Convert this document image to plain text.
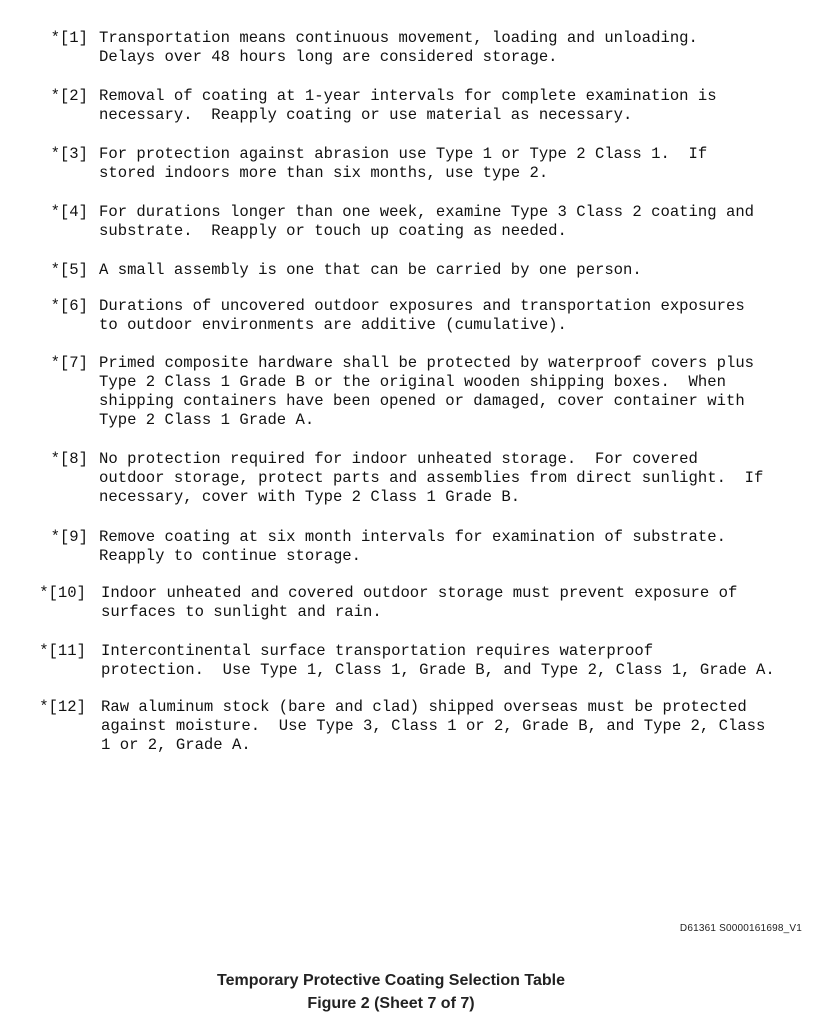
*[1] Transportation means continuous movement, loading and unloading.
Delays over 48 hours long are considered storage.
*[2] Removal of coating at 1-year intervals for complete examination is
necessary.  Reapply coating or use material as necessary.
*[3] For protection against abrasion use Type 1 or Type 2 Class 1.  If
stored indoors more than six months, use type 2.
*[4] For durations longer than one week, examine Type 3 Class 2 coating and
substrate.  Reapply or touch up coating as needed.
*[5] A small assembly is one that can be carried by one person.
*[6] Durations of uncovered outdoor exposures and transportation exposures
to outdoor environments are additive (cumulative).
*[7] Primed composite hardware shall be protected by waterproof covers plus
Type 2 Class 1 Grade B or the original wooden shipping boxes.  When
shipping containers have been opened or damaged, cover container with
Type 2 Class 1 Grade A.
*[8] No protection required for indoor unheated storage.  For covered
outdoor storage, protect parts and assemblies from direct sunlight.  If
necessary, cover with Type 2 Class 1 Grade B.
*[9] Remove coating at six month intervals for examination of substrate.
Reapply to continue storage.
*[10] Indoor unheated and covered outdoor storage must prevent exposure of
surfaces to sunlight and rain.
*[11] Intercontinental surface transportation requires waterproof
protection.  Use Type 1, Class 1, Grade B, and Type 2, Class 1, Grade A.
*[12] Raw aluminum stock (bare and clad) shipped overseas must be protected
against moisture.  Use Type 3, Class 1 or 2, Grade B, and Type 2, Class
1 or 2, Grade A.
D61361 S0000161698_V1
Temporary Protective Coating Selection Table
Figure 2 (Sheet 7 of 7)
